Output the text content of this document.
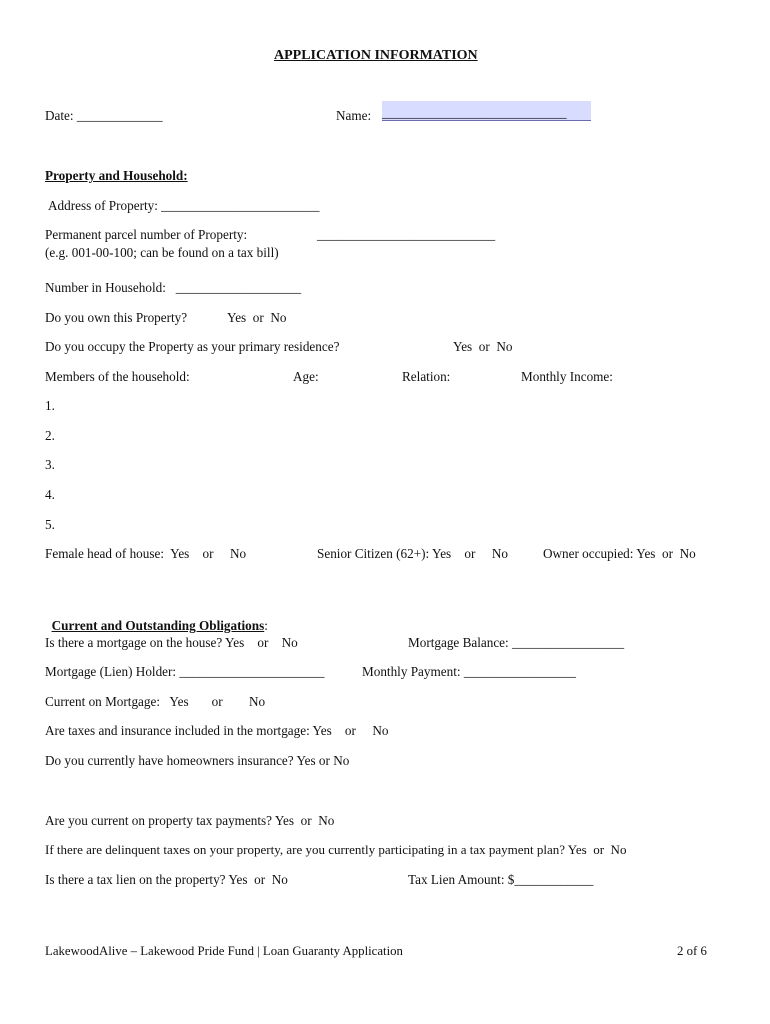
APPLICATION INFORMATION
Date: _____________	Name: ____________________________
Property and Household:
Address of Property: ________________________
Permanent parcel number of Property:	___________________________
(e.g. 001-00-100; can be found on a tax bill)
Number in Household:   ___________________
Do you own this Property?	Yes  or  No
Do you occupy the Property as your primary residence?	Yes  or  No
Members of the household:	Age:	Relation:	Monthly Income:
1.
2.
3.
4.
5.
Female head of house:  Yes    or     No	Senior Citizen (62+): Yes    or     No	Owner occupied: Yes  or  No

Current and Outstanding Obligations:

Is there a mortgage on the house? Yes    or    No	Mortgage Balance: _________________
Mortgage (Lien) Holder: ______________________	Monthly Payment: _________________
Current on Mortgage:   Yes       or        No
Are taxes and insurance included in the mortgage: Yes    or     No
Do you currently have homeowners insurance? Yes or No
Are you current on property tax payments? Yes  or  No
If there are delinquent taxes on your property, are you currently participating in a tax payment plan? Yes  or  No
Is there a tax lien on the property? Yes  or  No	Tax Lien Amount: $____________
LakewoodAlive – Lakewood Pride Fund | Loan Guaranty Application	2 of 6
